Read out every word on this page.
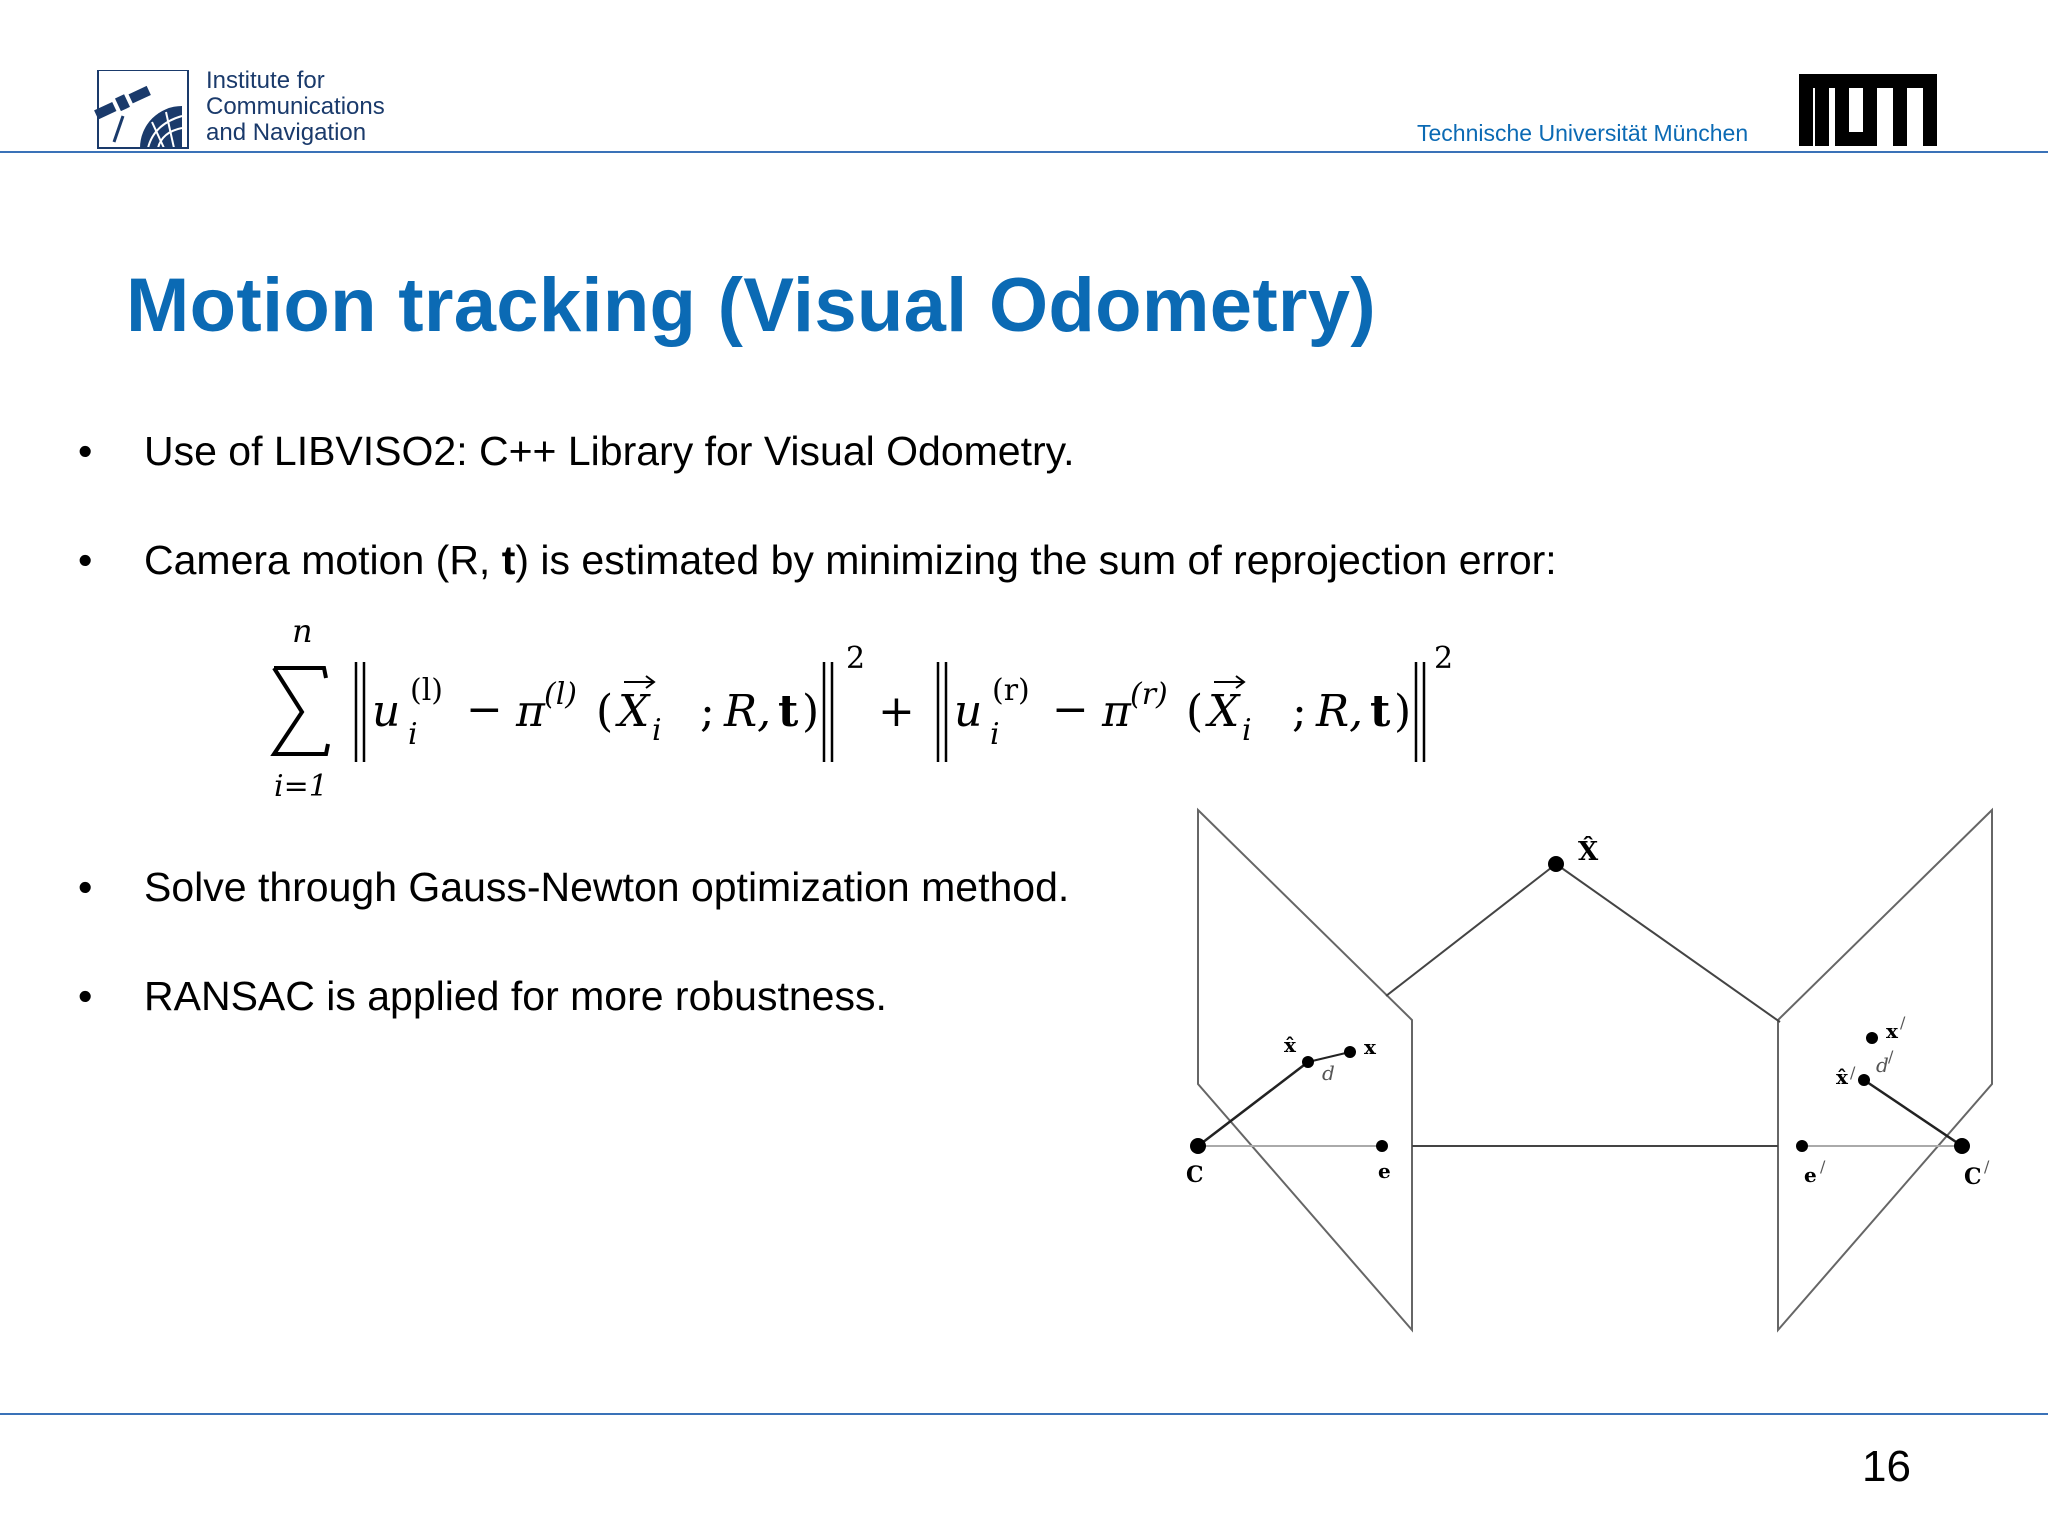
Institute for
Communications
and Navigation	Technische Universität München
Motion tracking (Visual Odometry)
• Use of LIBVISO2: C++ Library for Visual Odometry.
• Camera motion (R, t) is estimated by minimizing the sum of reprojection error:
• Solve through Gauss-Newton optimization method.
• RANSAC is applied for more robustness.
n
i=1
u (l)
i − π (l) ( X i ; R, t )
2
+ u (r)
i − π (r) ( X i ; R, t )
2
X̂
x̂	x
d
C	e
x /
x̂ / d /
e /	C /
16
